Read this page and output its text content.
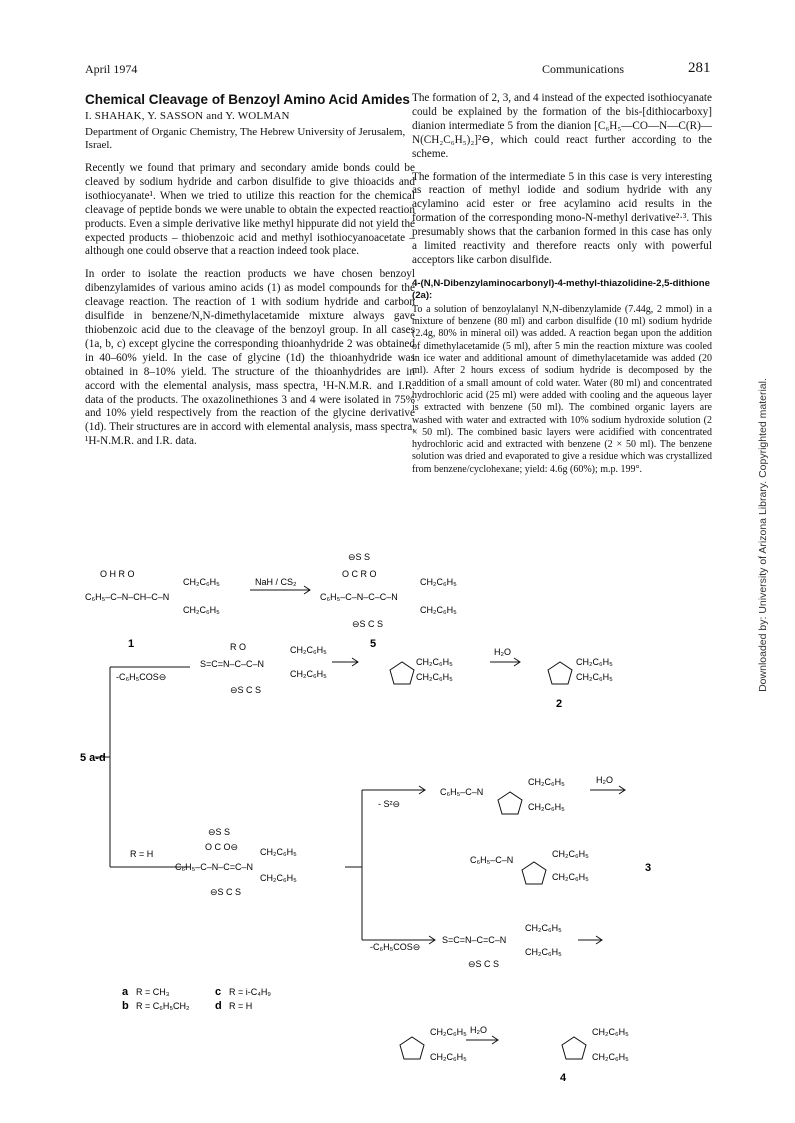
April 1974	Communications	281
Chemical Cleavage of Benzoyl Amino Acid Amides
I. SHAHAK, Y. SASSON and Y. WOLMAN
Department of Organic Chemistry, The Hebrew University of Jerusalem, Israel.

Recently we found that primary and secondary amide bonds could be cleaved by sodium hydride and carbon disulfide to give thioacids and isothiocyanate¹. When we tried to utilize this reaction for the chemical cleavage of peptide bonds we were unable to obtain the expected reaction products. Even a simple derivative like methyl hippurate did not yield the expected products – thiobenzoic acid and methyl isothiocyanoacetate – although one could observe that a reaction indeed took place.

In order to isolate the reaction products we have chosen benzoyl dibenzylamides of various amino acids (1) as model compounds for the cleavage reaction. The reaction of 1 with sodium hydride and carbon disulfide in benzene/N,N-dimethylacetamide mixture always gave thiobenzoic acid due to the cleavage of the benzoyl group. In all cases (1a, b, c) except glycine the corresponding thioanhydride 2 was obtained in 40–60% yield. In the case of glycine (1d) the thioanhydride was obtained in 8–10% yield. The structure of the thioanhydrides are in accord with the elemental analysis, mass spectra, ¹H-N.M.R. and I.R. data of the products. The oxazolinethiones 3 and 4 were isolated in 75% and 10% yield respectively from the reaction of the glycine derivative (1d). Their structures are in accord with elemental analysis, mass spectra, ¹H-N.M.R. and I.R. data.

The formation of 2, 3, and 4 instead of the expected isothiocyanate could be explained by the formation of the bis-[dithiocarboxy] dianion intermediate 5 from the dianion [C₆H₅—CO—N—C(R)—N(CH₂C₆H₅)₂]²⊖, which could react further according to the scheme.

The formation of the intermediate 5 in this case is very interesting as reaction of methyl iodide and sodium hydride with any acylamino acid ester or free acylamino acid results in the formation of the corresponding mono-N-methyl derivative²·³. This presumably shows that the carbanion formed in this case has only a limited reactivity and therefore reacts only with powerful acceptors like carbon disulfide.

4-(N,N-Dibenzylaminocarbonyl)-4-methyl-thiazolidine-2,5-dithione (2a):
To a solution of benzoylalanyl N,N-dibenzylamide (7.44g, 2 mmol) in a mixture of benzene (80 ml) and carbon disulfide (10 ml) sodium hydride (2.4g, 80% in mineral oil) was added. A reaction began upon the addition of dimethylacetamide (5 ml), after 5 min the reaction mixture was cooled in ice water and additional amount of dimethylacetamide was added (20 ml). After 2 hours excess of sodium hydride is decomposed by the addition of a small amount of cold water. Water (80 ml) and concentrated hydrochloric acid (25 ml) were added with cooling and the aqueous layer is extracted with benzene (50 ml). The combined organic layers are washed with water and extracted with 10% sodium hydroxide solution (2 × 50 ml). The combined basic layers were acidified with concentrated hydrochloric acid and extracted with benzene (2 × 50 ml). The benzene solution was dried and evaporated to give a residue which was crystallized from benzene/cyclohexane; yield: 4.6g (60%); m.p. 199°.	Downloaded by: University of Arizona Library. Copyrighted material.
C₆H₅–C–N–CH–C–N
O H R O
CH₂C₆H₅
CH₂C₆H₅
1
NaH / CS₂
C₆H₅–C–N–C–C–N
⊖S S
O C R O
CH₂C₆H₅
CH₂C₆H₅
⊖S C S
5
5 a-d
-C₆H₅COS⊖
S=C=N–C–C–N
R O	CH₂C₆H₅
CH₂C₆H₅
⊖S C S
CH₂C₆H₅
CH₂C₆H₅
H₂O
CH₂C₆H₅
CH₂C₆H₅
2
R = H
C₆H₅–C–N–C=C–N
⊖S S
O C O⊖ CH₂C₆H₅
CH₂C₆H₅
⊖S C S
- S²⊖
C₆H₅–C–N
CH₂C₆H₅
CH₂C₆H₅
H₂O
C₆H₅–C–N
CH₂C₆H₅
CH₂C₆H₅
3
-C₆H₅COS⊖
S=C=N–C=C–N
CH₂C₆H₅
CH₂C₆H₅
⊖S C S
CH₂C₆H₅
CH₂C₆H₅
H₂O	CH₂C₆H₅
CH₂C₆H₅
4
a R = CH₃
b R = C₆H₅CH₂
c R = i-C₄H₉
d R = H
